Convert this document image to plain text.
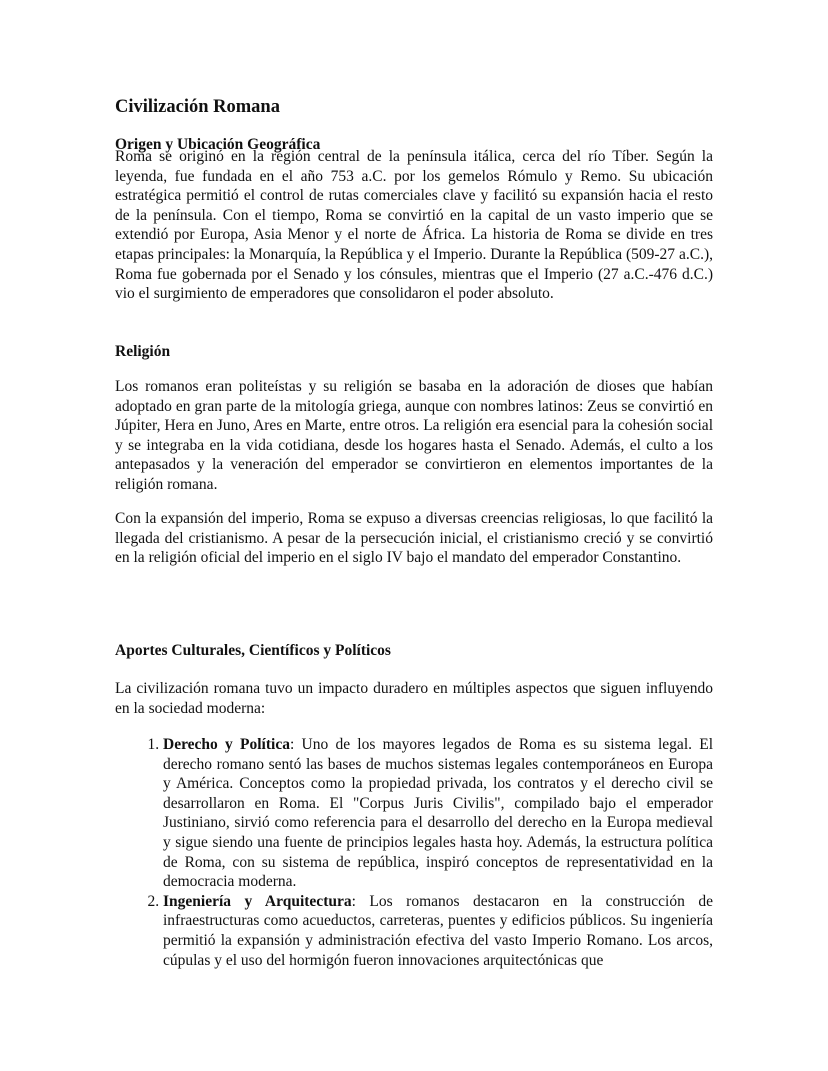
Civilización Romana
Origen y Ubicación Geográfica

Roma se originó en la región central de la península itálica, cerca del río Tíber. Según la leyenda, fue fundada en el año 753 a.C. por los gemelos Rómulo y Remo. Su ubicación estratégica permitió el control de rutas comerciales clave y facilitó su expansión hacia el resto de la península. Con el tiempo, Roma se convirtió en la capital de un vasto imperio que se extendió por Europa, Asia Menor y el norte de África. La historia de Roma se divide en tres etapas principales: la Monarquía, la República y el Imperio. Durante la República (509-27 a.C.), Roma fue gobernada por el Senado y los cónsules, mientras que el Imperio (27 a.C.-476 d.C.) vio el surgimiento de emperadores que consolidaron el poder absoluto.

Religión

Los romanos eran politeístas y su religión se basaba en la adoración de dioses que habían adoptado en gran parte de la mitología griega, aunque con nombres latinos: Zeus se convirtió en Júpiter, Hera en Juno, Ares en Marte, entre otros. La religión era esencial para la cohesión social y se integraba en la vida cotidiana, desde los hogares hasta el Senado. Además, el culto a los antepasados y la veneración del emperador se convirtieron en elementos importantes de la religión romana.

Con la expansión del imperio, Roma se expuso a diversas creencias religiosas, lo que facilitó la llegada del cristianismo. A pesar de la persecución inicial, el cristianismo creció y se convirtió en la religión oficial del imperio en el siglo IV bajo el mandato del emperador Constantino.

Aportes Culturales, Científicos y Políticos

La civilización romana tuvo un impacto duradero en múltiples aspectos que siguen influyendo en la sociedad moderna:

1. Derecho y Política: Uno de los mayores legados de Roma es su sistema legal. El derecho romano sentó las bases de muchos sistemas legales contemporáneos en Europa y América. Conceptos como la propiedad privada, los contratos y el derecho civil se desarrollaron en Roma. El "Corpus Juris Civilis", compilado bajo el emperador Justiniano, sirvió como referencia para el desarrollo del derecho en la Europa medieval y sigue siendo una fuente de principios legales hasta hoy. Además, la estructura política de Roma, con su sistema de república, inspiró conceptos de representatividad en la democracia moderna.
2. Ingeniería y Arquitectura: Los romanos destacaron en la construcción de infraestructuras como acueductos, carreteras, puentes y edificios públicos. Su ingeniería permitió la expansión y administración efectiva del vasto Imperio Romano. Los arcos, cúpulas y el uso del hormigón fueron innovaciones arquitectónicas que
